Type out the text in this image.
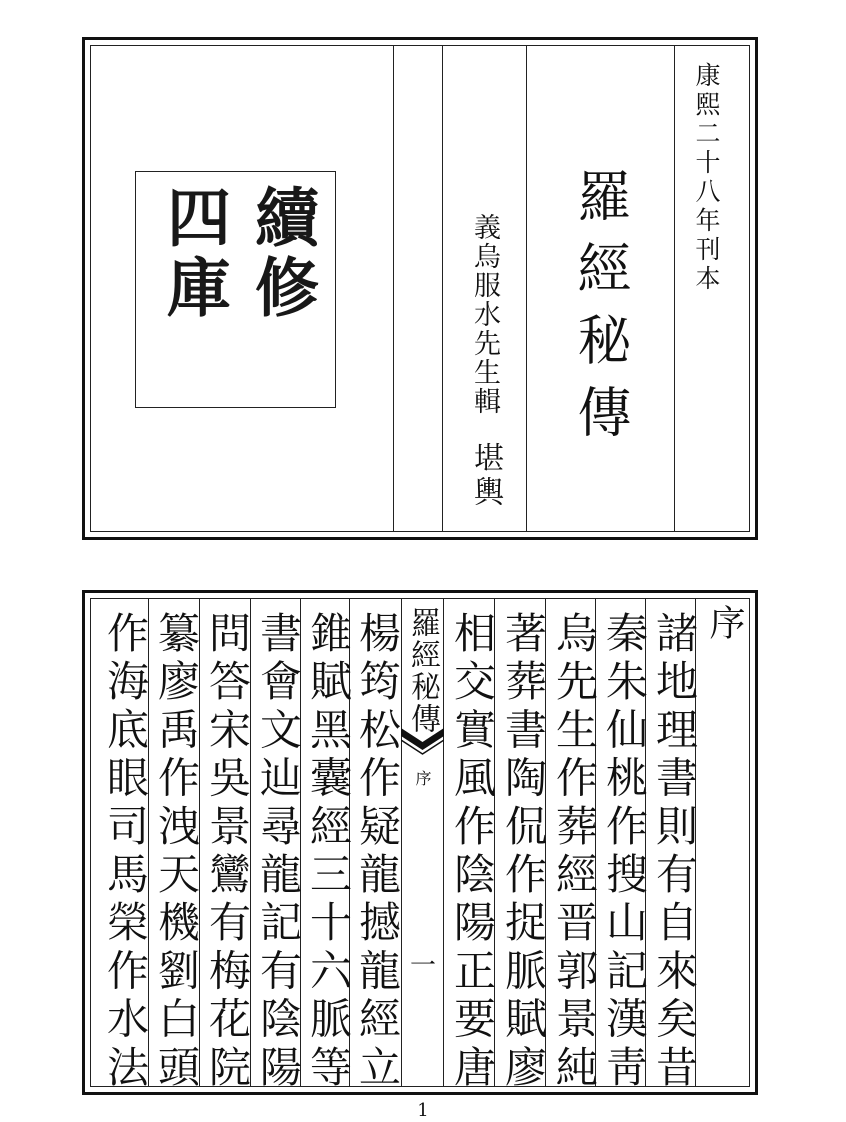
續修
四庫	康熙二十八年刊本
羅經秘傳
義烏服水先生輯
堪輿
序
諸地理書則有自來矣昔
秦朱仙桃作搜山記漢靑
烏先生作葬經晋郭景純
著葬書陶侃作捉脈賦廖
相交實風作陰陽正要唐
楊筠松作疑龍撼龍經立
錐賦黑囊經三十六脈等
書會文辿尋龍記有陰陽
問答宋吳景鸞有梅花院
纂廖禹作洩天機劉白頭
作海底眼司馬榮作水法	羅經秘傳
序
一
1
